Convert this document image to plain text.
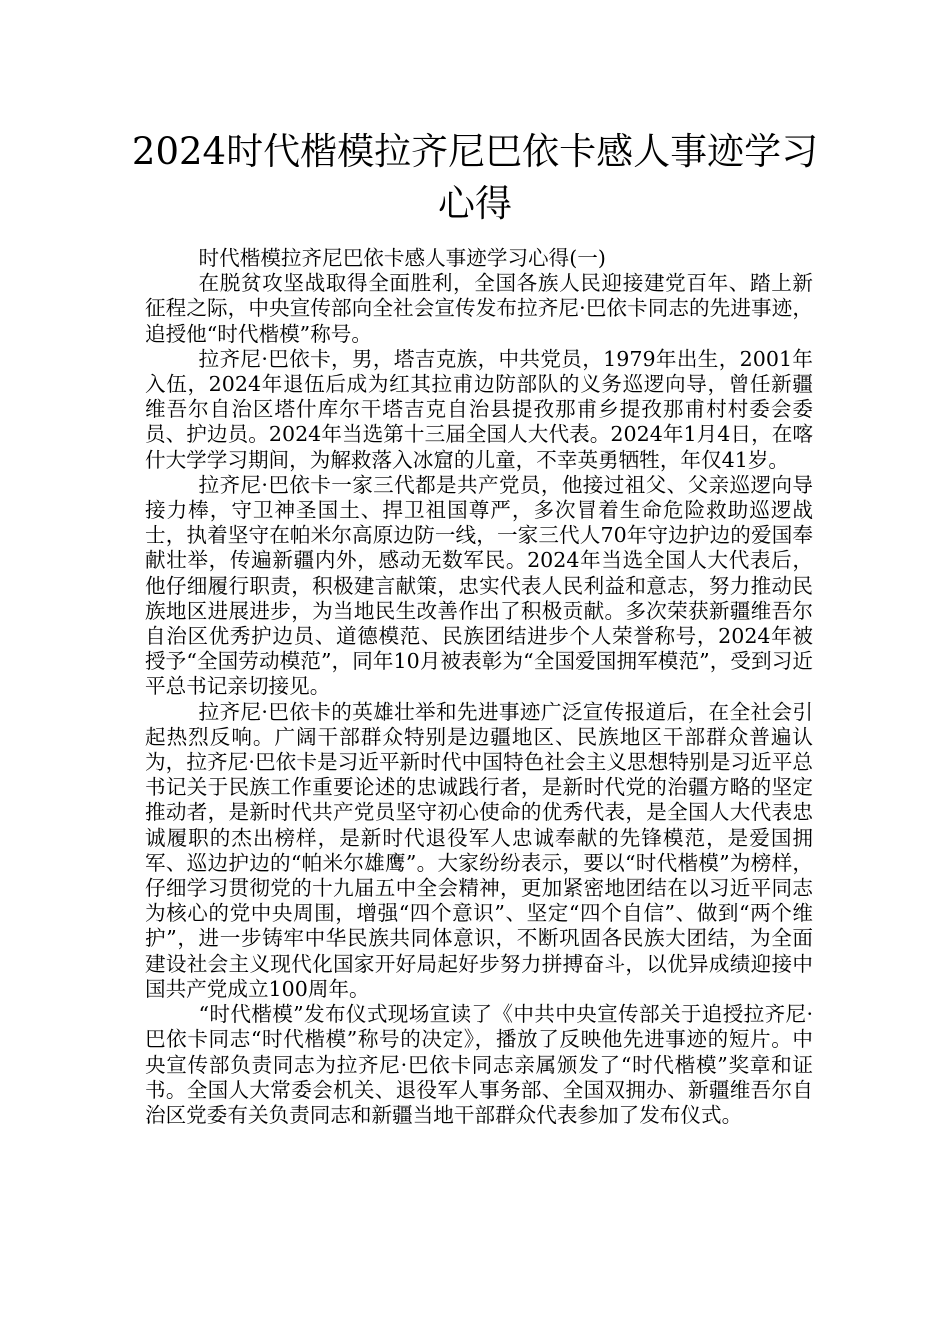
2024时代楷模拉齐尼巴依卡感人事迹学习心得

时代楷模拉齐尼巴依卡感人事迹学习心得(一)

在脱贫攻坚战取得全面胜利，全国各族人民迎接建党百年、踏上新征程之际，中央宣传部向全社会宣传发布拉齐尼·巴依卡同志的先进事迹，追授他“时代楷模”称号。

拉齐尼·巴依卡，男，塔吉克族，中共党员，1979年出生，2001年入伍，2024年退伍后成为红其拉甫边防部队的义务巡逻向导，曾任新疆维吾尔自治区塔什库尔干塔吉克自治县提孜那甫乡提孜那甫村村委会委员、护边员。2024年当选第十三届全国人大代表。2024年1月4日，在喀什大学学习期间，为解救落入冰窟的儿童，不幸英勇牺牲，年仅41岁。

拉齐尼·巴依卡一家三代都是共产党员，他接过祖父、父亲巡逻向导接力棒，守卫神圣国土、捍卫祖国尊严，多次冒着生命危险救助巡逻战士，执着坚守在帕米尔高原边防一线，一家三代人70年守边护边的爱国奉献壮举，传遍新疆内外，感动无数军民。2024年当选全国人大代表后，他仔细履行职责，积极建言献策，忠实代表人民利益和意志，努力推动民族地区进展进步，为当地民生改善作出了积极贡献。多次荣获新疆维吾尔自治区优秀护边员、道德模范、民族团结进步个人荣誉称号，2024年被授予“全国劳动模范”，同年10月被表彰为“全国爱国拥军模范”，受到习近平总书记亲切接见。

拉齐尼·巴依卡的英雄壮举和先进事迹广泛宣传报道后，在全社会引起热烈反响。广阔干部群众特别是边疆地区、民族地区干部群众普遍认为，拉齐尼·巴依卡是习近平新时代中国特色社会主义思想特别是习近平总书记关于民族工作重要论述的忠诚践行者，是新时代党的治疆方略的坚定推动者，是新时代共产党员坚守初心使命的优秀代表，是全国人大代表忠诚履职的杰出榜样，是新时代退役军人忠诚奉献的先锋模范，是爱国拥军、巡边护边的“帕米尔雄鹰”。大家纷纷表示，要以“时代楷模”为榜样，仔细学习贯彻党的十九届五中全会精神，更加紧密地团结在以习近平同志为核心的党中央周围，增强“四个意识”、坚定“四个自信”、做到“两个维护”，进一步铸牢中华民族共同体意识，不断巩固各民族大团结，为全面建设社会主义现代化国家开好局起好步努力拼搏奋斗，以优异成绩迎接中国共产党成立100周年。

“时代楷模”发布仪式现场宣读了《中共中央宣传部关于追授拉齐尼·巴依卡同志“时代楷模”称号的决定》，播放了反映他先进事迹的短片。中央宣传部负责同志为拉齐尼·巴依卡同志亲属颁发了“时代楷模”奖章和证书。全国人大常委会机关、退役军人事务部、全国双拥办、新疆维吾尔自治区党委有关负责同志和新疆当地干部群众代表参加了发布仪式。
